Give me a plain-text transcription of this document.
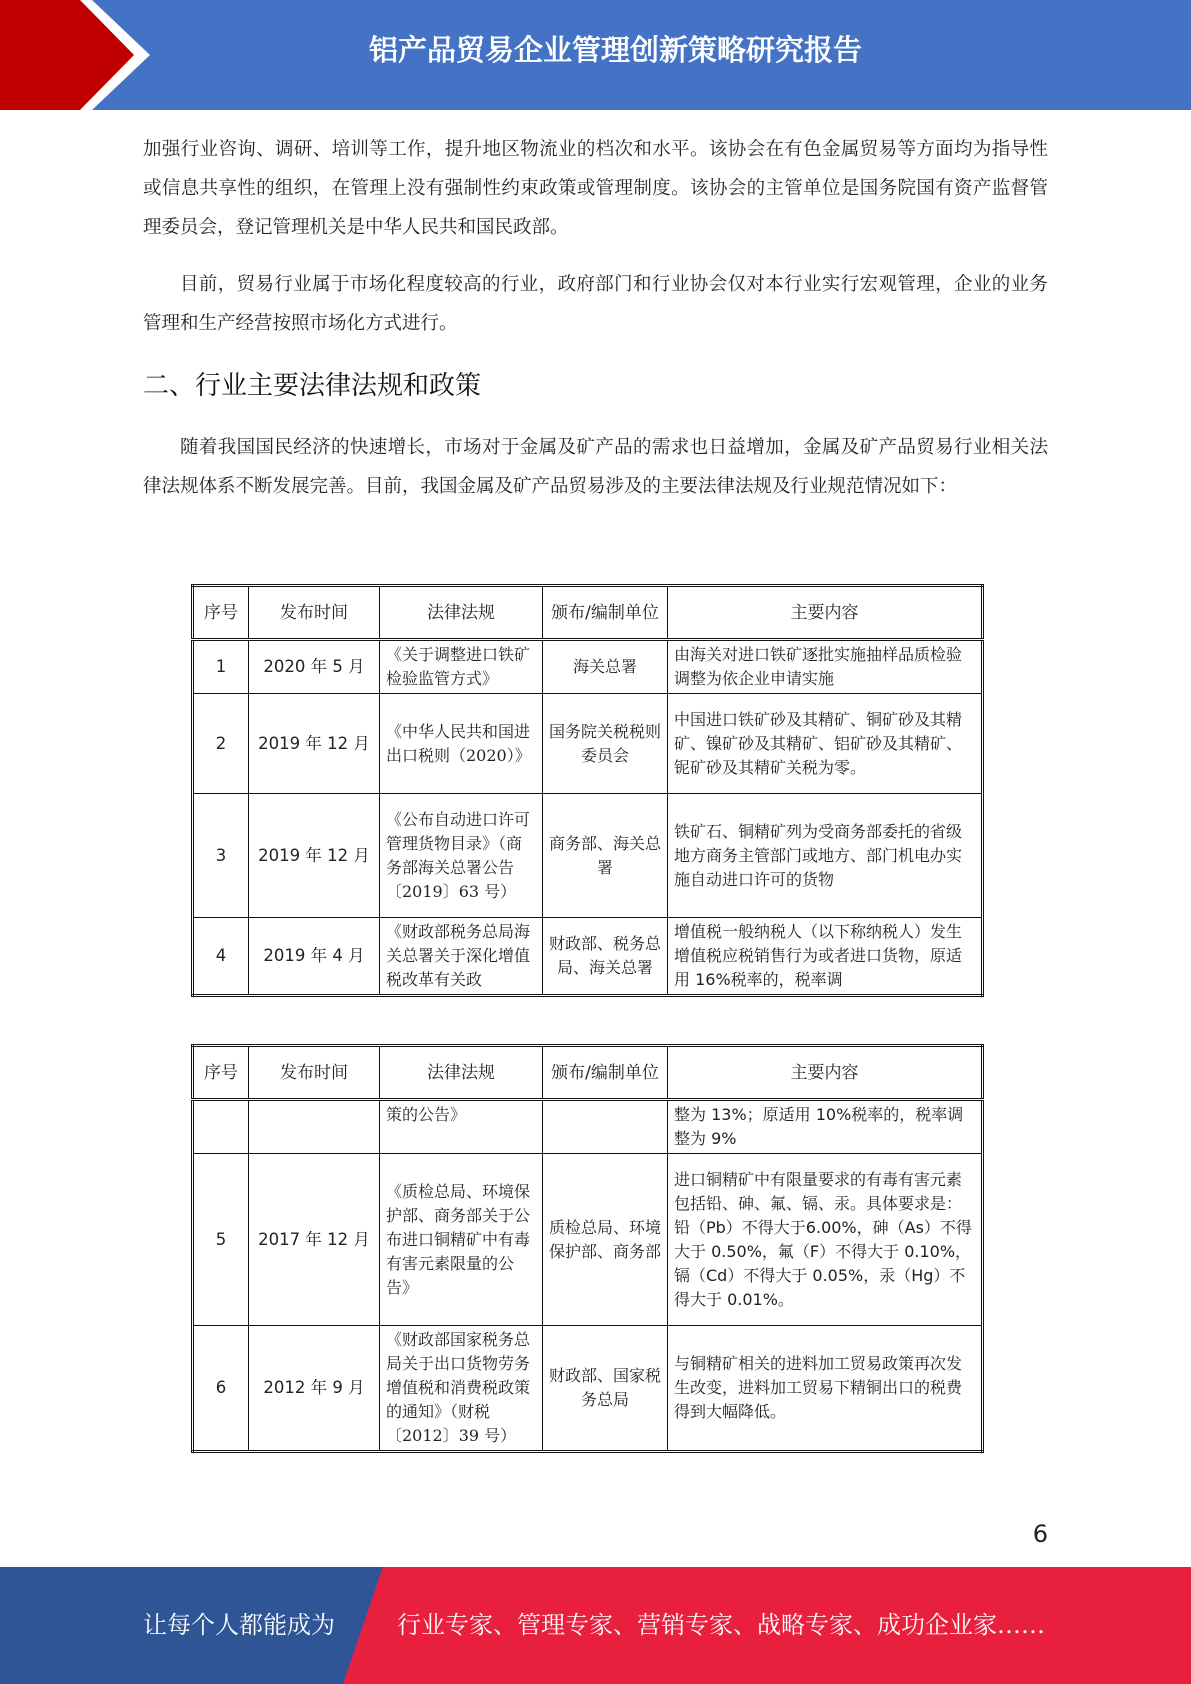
铝产品贸易企业管理创新策略研究报告

加强行业咨询、调研、培训等工作，提升地区物流业的档次和水平。该协会在有色金属贸易等方面均为指导性或信息共享性的组织，在管理上没有强制性约束政策或管理制度。该协会的主管单位是国务院国有资产监督管理委员会，登记管理机关是中华人民共和国民政部。

目前，贸易行业属于市场化程度较高的行业，政府部门和行业协会仅对本行业实行宏观管理，企业的业务管理和生产经营按照市场化方式进行。

二、行业主要法律法规和政策

随着我国国民经济的快速增长，市场对于金属及矿产品的需求也日益增加，金属及矿产品贸易行业相关法律法规体系不断发展完善。目前，我国金属及矿产品贸易涉及的主要法律法规及行业规范情况如下：

序号	发布时间	法律法规	颁布/编制单位	主要内容
1	2020 年 5 月	《关于调整进口铁矿检验监管方式》	海关总署	由海关对进口铁矿逐批实施抽样品质检验调整为依企业申请实施
2	2019 年 12 月	《中华人民共和国进出口税则（2020）》	国务院关税税则委员会	中国进口铁矿砂及其精矿、铜矿砂及其精矿、镍矿砂及其精矿、铝矿砂及其精矿、铌矿砂及其精矿关税为零。
3	2019 年 12 月	《公布自动进口许可管理货物目录》（商务部海关总署公告〔2019〕63 号）	商务部、海关总署	铁矿石、铜精矿列为受商务部委托的省级地方商务主管部门或地方、部门机电办实施自动进口许可的货物
4	2019 年 4 月	《财政部税务总局海关总署关于深化增值税改革有关政	财政部、税务总局、海关总署	增值税一般纳税人（以下称纳税人）发生增值税应税销售行为或者进口货物，原适用 16%税率的，税率调
序号	发布时间	法律法规	颁布/编制单位	主要内容
		策的公告》		整为 13%；原适用 10%税率的，税率调整为 9%
5	2017 年 12 月	《质检总局、环境保护部、商务部关于公布进口铜精矿中有毒有害元素限量的公告》	质检总局、环境保护部、商务部	进口铜精矿中有限量要求的有毒有害元素包括铅、砷、氟、镉、汞。具体要求是：铅（Pb）不得大于6.00%，砷（As）不得大于 0.50%，氟（F）不得大于 0.10%，镉（Cd）不得大于 0.05%，汞（Hg）不得大于 0.01%。
6	2012 年 9 月	《财政部国家税务总局关于出口货物劳务增值税和消费税政策的通知》（财税〔2012〕39 号）	财政部、国家税务总局	与铜精矿相关的进料加工贸易政策再次发生改变，进料加工贸易下精铜出口的税费得到大幅降低。
6
让每个人都能成为	行业专家、管理专家、营销专家、战略专家、成功企业家……
